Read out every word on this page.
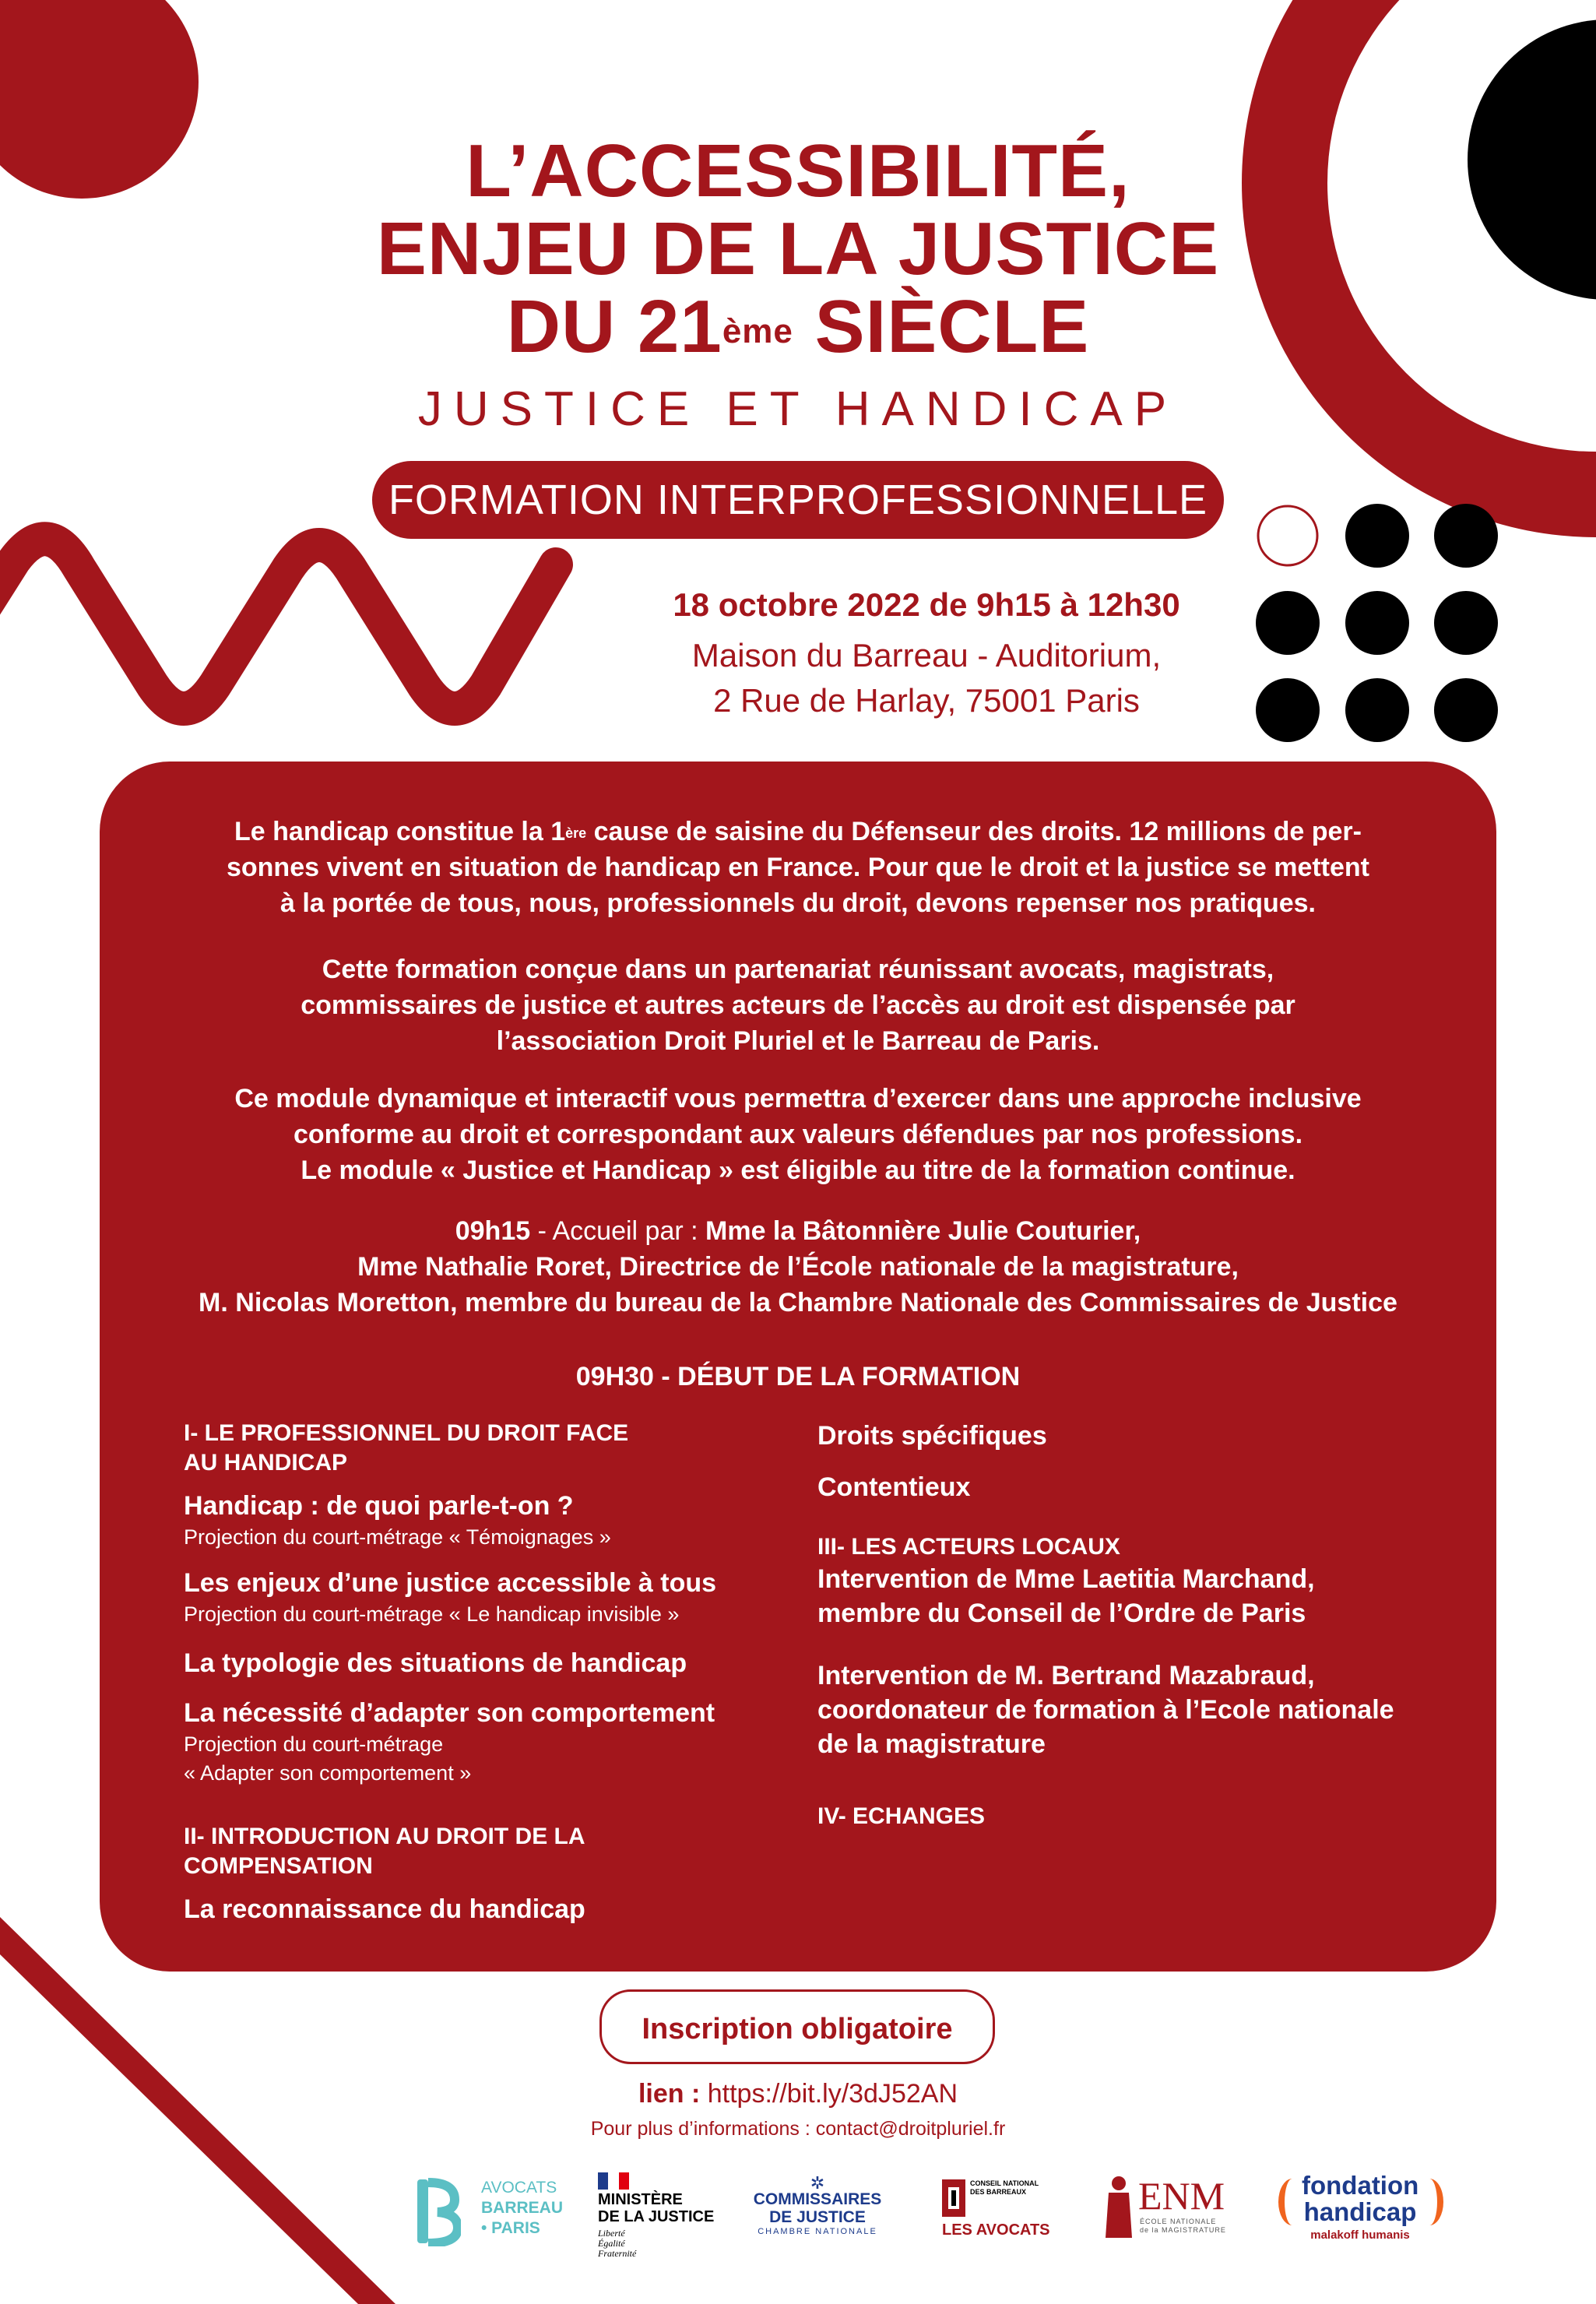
L’ACCESSIBILITÉ,
ENJEU DE LA JUSTICE
DU 21ème SIÈCLE
JUSTICE ET HANDICAP
FORMATION INTERPROFESSIONNELLE
18 octobre 2022 de 9h15 à 12h30
Maison du Barreau - Auditorium,
2 Rue de Harlay, 75001 Paris
Le handicap constitue la 1ère cause de saisine du Défenseur des droits. 12 millions de per-
sonnes vivent en situation de handicap en France. Pour que le droit et la justice se mettent
à la portée de tous, nous, professionnels du droit, devons repenser nos pratiques.
Cette formation conçue dans un partenariat réunissant avocats, magistrats,
commissaires de justice et autres acteurs de l’accès au droit est dispensée par
l’association Droit Pluriel et le Barreau de Paris.
Ce module dynamique et interactif vous permettra d’exercer dans une approche inclusive
conforme au droit et correspondant aux valeurs défendues par nos professions.
Le module « Justice et Handicap » est éligible au titre de la formation continue.
09h15 - Accueil par : Mme la Bâtonnière Julie Couturier,
Mme Nathalie Roret, Directrice de l’École nationale de la magistrature,
M. Nicolas Moretton, membre du bureau de la Chambre Nationale des Commissaires de Justice
09H30 - DÉBUT DE LA FORMATION
I- LE PROFESSIONNEL DU DROIT FACE
AU HANDICAP
Handicap : de quoi parle-t-on ?
Projection du court-métrage « Témoignages »
Les enjeux d’une justice accessible à tous
Projection du court-métrage « Le handicap invisible »
La typologie des situations de handicap
La nécessité d’adapter son comportement
Projection du court-métrage
« Adapter son comportement »
II- INTRODUCTION AU DROIT DE LA
COMPENSATION
La reconnaissance du handicap
Droits spécifiques
Contentieux
III- LES ACTEURS LOCAUX
Intervention de Mme Laetitia Marchand,
membre du Conseil de l’Ordre de Paris
Intervention de M. Bertrand Mazabraud,
coordonateur de formation à l’Ecole nationale
de la magistrature
IV- ECHANGES
Inscription obligatoire
lien : https://bit.ly/3dJ52AN
Pour plus d’informations : contact@droitpluriel.fr
AVOCATS
BARREAU
• PARIS
MINISTÈRE
DE LA JUSTICE
Liberté
Égalité
Fraternité
✲
COMMISSAIRES
DE JUSTICE
CHAMBRE NATIONALE
CONSEIL NATIONAL
DES BARREAUX
LES AVOCATS
ENM
ÉCOLE NATIONALE
de la MAGISTRATURE
fondation
handicap
malakoff humanis
